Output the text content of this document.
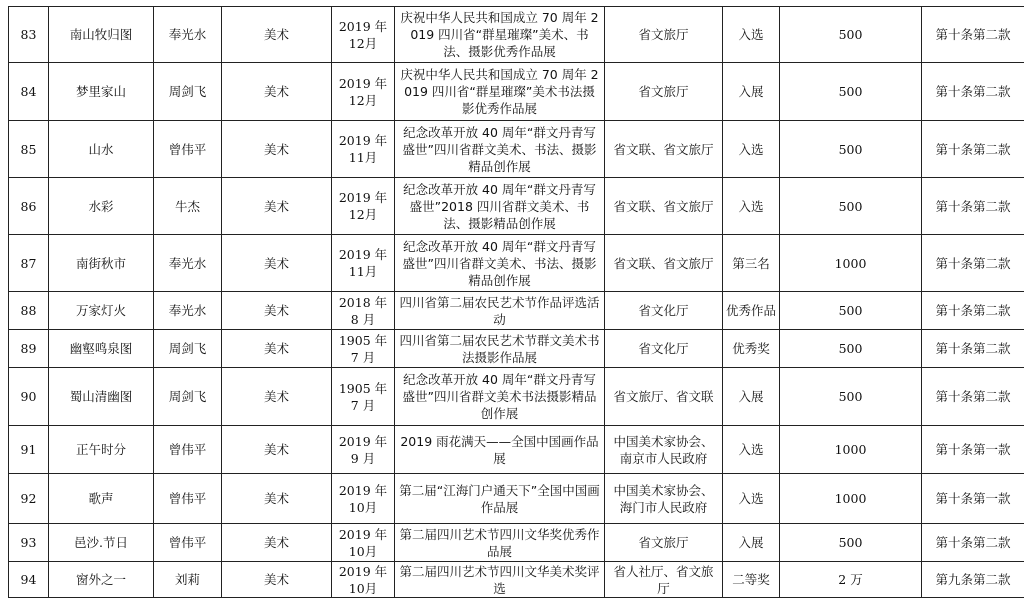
83	南山牧归图	奉光水	美术	2019 年 12月	庆祝中华人民共和国成立 70 周年 2019 四川省“群星璀璨”美术、书法、摄影优秀作品展	省文旅厅	入选	500	第十条第二款
84	梦里家山	周剑飞	美术	2019 年 12月	庆祝中华人民共和国成立 70 周年 2019 四川省“群星璀璨”美术书法摄影优秀作品展	省文旅厅	入展	500	第十条第二款
85	山水	曾伟平	美术	2019 年 11月	纪念改革开放 40 周年“群文丹青写盛世”四川省群文美术、书法、摄影精品创作展	省文联、省文旅厅	入选	500	第十条第二款
86	水彩	牛杰	美术	2019 年 12月	纪念改革开放 40 周年“群文丹青写盛世”2018 四川省群文美术、书法、摄影精品创作展	省文联、省文旅厅	入选	500	第十条第二款
87	南街秋市	奉光水	美术	2019 年 11月	纪念改革开放 40 周年“群文丹青写盛世”四川省群文美术、书法、摄影精品创作展	省文联、省文旅厅	第三名	1000	第十条第二款
88	万家灯火	奉光水	美术	2018 年 8 月	四川省第二届农民艺术节作品评选活动	省文化厅	优秀作品	500	第十条第二款
89	幽壑鸣泉图	周剑飞	美术	1905 年 7 月	四川省第二届农民艺术节群文美术书法摄影作品展	省文化厅	优秀奖	500	第十条第二款
90	蜀山清幽图	周剑飞	美术	1905 年 7 月	纪念改革开放 40 周年“群文丹青写盛世”四川省群文美术书法摄影精品创作展	省文旅厅、省文联	入展	500	第十条第二款
91	正午时分	曾伟平	美术	2019 年 9 月	2019 雨花满天——全国中国画作品展	中国美术家协会、南京市人民政府	入选	1000	第十条第一款
92	歌声	曾伟平	美术	2019 年 10月	第二届“江海门户通天下”全国中国画作品展	中国美术家协会、海门市人民政府	入选	1000	第十条第一款
93	邑沙.节日	曾伟平	美术	2019 年 10月	第二届四川艺术节四川文华奖优秀作品展	省文旅厅	入展	500	第十条第二款
94	窗外之一	刘莉	美术	2019 年 10月	第二届四川艺术节四川文华美术奖评选	省人社厅、省文旅厅	二等奖	2 万	第九条第二款
